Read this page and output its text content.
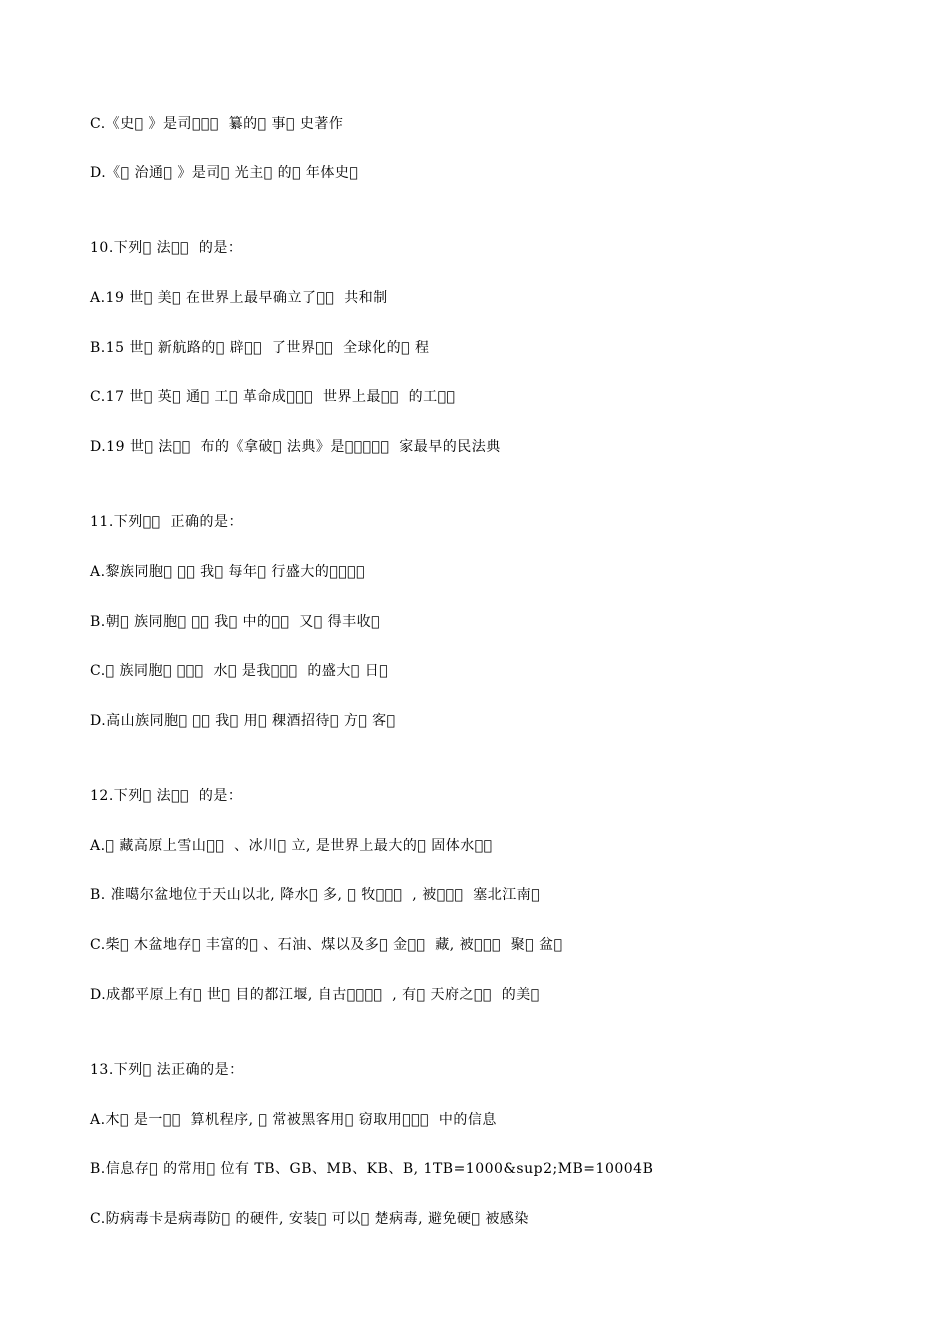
C.《史􏰀 》是司􏰀􏰀􏰀  纂的􏰀 事􏰀 史著作
D.《􏰀 治通􏰀 》是司􏰀 光主􏰀 的􏰀 年体史􏰀
10.下列􏰀 法􏰀􏰀  的是：
A.19 世􏰀 美􏰀 在世界上最早确立了􏰀􏰀  共和制
B.15 世􏰀 新航路的􏰀 辟􏰀􏰀  了世界􏰀􏰀  全球化的􏰀 程
C.17 世􏰀 英􏰀 通􏰀 工􏰀 革命成􏰀􏰀􏰀  世界上最􏰀􏰀  的工􏰀􏰀
D.19 世􏰀 法􏰀􏰀  布的《拿破􏰀 法典》是􏰀􏰀􏰀􏰀􏰀  家最早的民法典
11.下列􏰀􏰀  正确的是：
A.黎族同胞􏰀 ：􏰀 我􏰀 每年􏰀 行盛大的􏰀􏰀􏰀􏰀
B.朝􏰀 族同胞􏰀 ：􏰀 我􏰀 中的􏰀􏰀  又􏰀 得丰收􏰀
C.􏰀 族同胞􏰀 ：􏰀􏰀  水􏰀 是我􏰀􏰀􏰀  的盛大􏰀 日􏰀
D.高山族同胞􏰀 ：􏰀 我􏰀 用􏰀 稞酒招待􏰀 方􏰀 客􏰀
12.下列􏰀 法􏰀􏰀  的是：
A.􏰀 藏高原上雪山􏰀􏰀  、冰川􏰀 立, 是世界上最大的􏰀 固体水􏰀􏰀
B. 准噶尔盆地位于天山以北, 降水􏰀 多, 􏰀 牧􏰀􏰀􏰀  , 被􏰀􏰀􏰀  塞北江南􏰀
C.柴􏰀 木盆地存􏰀 丰富的􏰀 、石油、煤以及多􏰀 金􏰀􏰀  藏, 被􏰀􏰀􏰀  聚􏰀 盆􏰀
D.成都平原上有􏰀 世􏰀 目的都江堰, 自古􏰀􏰀􏰀􏰀  , 有􏰀 天府之􏰀􏰀  的美􏰀
13.下列􏰀 法正确的是：
A.木􏰀 是一􏰀􏰀  算机程序, 􏰀 常被黑客用􏰀 窃取用􏰀􏰀􏰀  中的信息
B.信息存􏰀 的常用􏰀 位有 TB、GB、MB、KB、B, 1TB=1000&sup2;MB=10004B
C.防病毒卡是病毒防􏰀 的硬件, 安装􏰀 可以􏰀 楚病毒, 避免硬􏰀 被感染
